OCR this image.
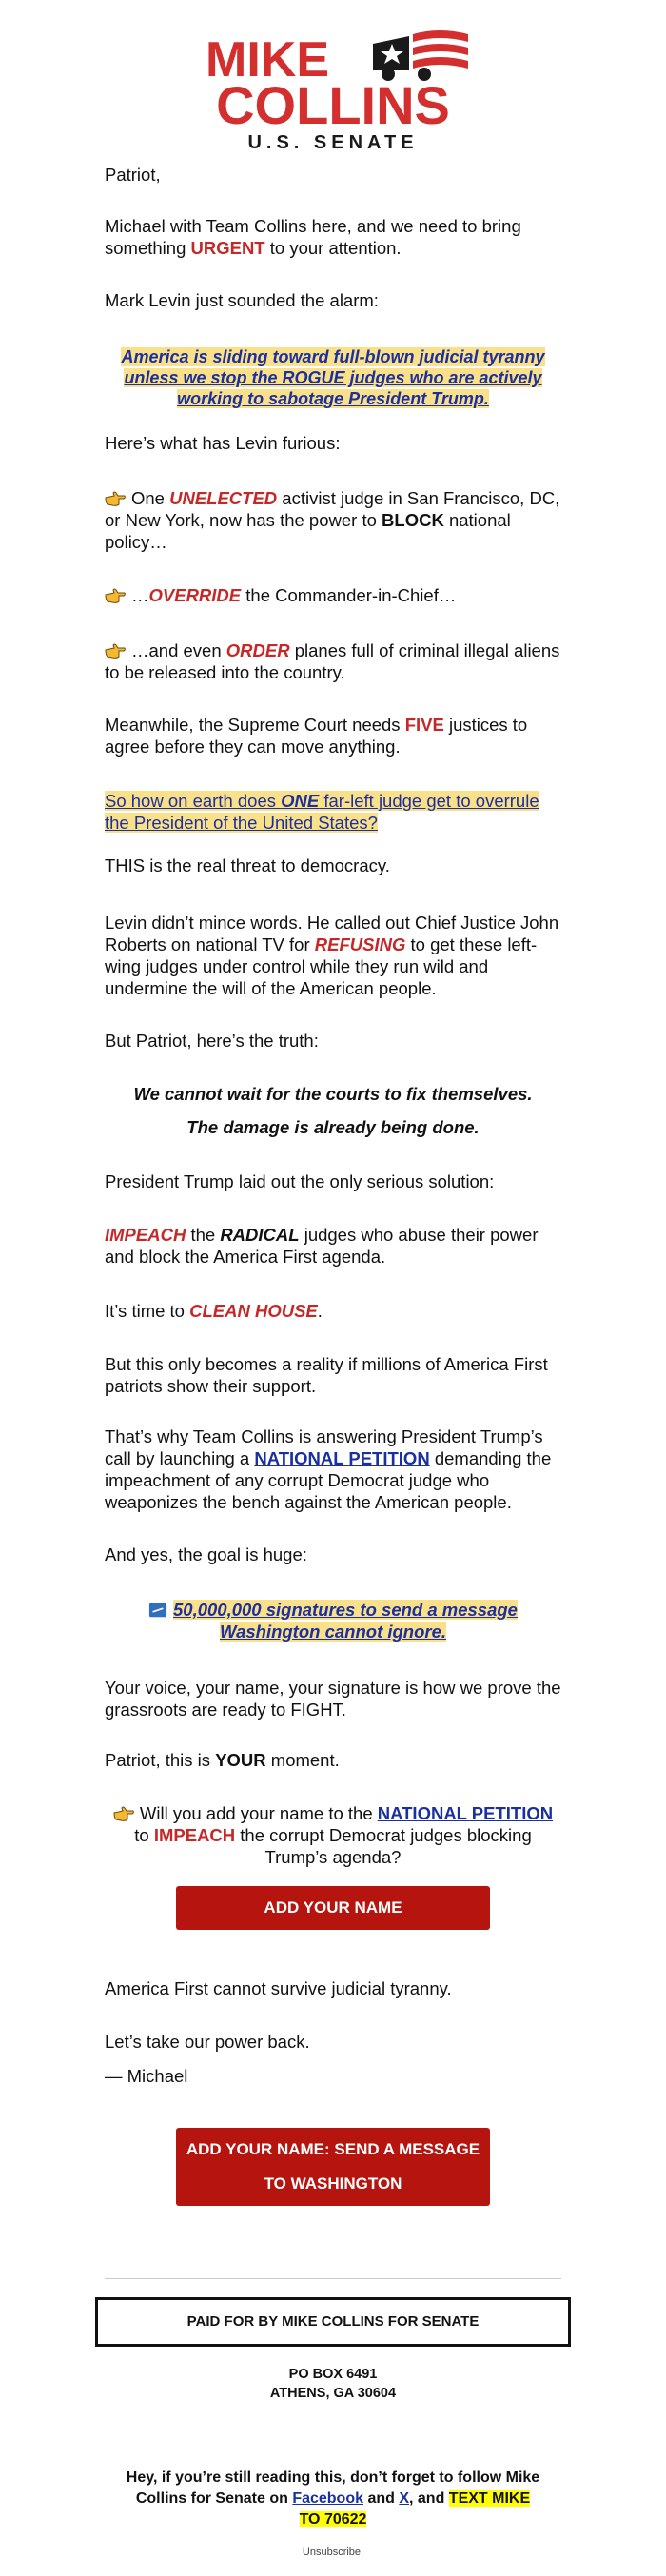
MIKE
COLLINS
U.S. SENATE

Patriot,

Michael with Team Collins here, and we need to bring something URGENT to your attention.

Mark Levin just sounded the alarm:

America is sliding toward full-blown judicial tyranny unless we stop the ROGUE judges who are actively working to sabotage President Trump.

Here’s what has Levin furious:

One UNELECTED activist judge in San Francisco, DC, or New York, now has the power to BLOCK national policy…

…OVERRIDE the Commander-in-Chief…

…and even ORDER planes full of criminal illegal aliens to be released into the country.

Meanwhile, the Supreme Court needs FIVE justices to agree before they can move anything.

So how on earth does ONE far-left judge get to overrule the President of the United States?

THIS is the real threat to democracy.

Levin didn’t mince words. He called out Chief Justice John Roberts on national TV for REFUSING to get these left-wing judges under control while they run wild and undermine the will of the American people.

But Patriot, here’s the truth:

We cannot wait for the courts to fix themselves.

The damage is already being done.

President Trump laid out the only serious solution:

IMPEACH the RADICAL judges who abuse their power and block the America First agenda.

It’s time to CLEAN HOUSE.

But this only becomes a reality if millions of America First patriots show their support.

That’s why Team Collins is answering President Trump’s call by launching a NATIONAL PETITION demanding the impeachment of any corrupt Democrat judge who weaponizes the bench against the American people.

And yes, the goal is huge:

50,000,000 signatures to send a message Washington cannot ignore.

Your voice, your name, your signature is how we prove the grassroots are ready to FIGHT.

Patriot, this is YOUR moment.

Will you add your name to the NATIONAL PETITION to IMPEACH the corrupt Democrat judges blocking Trump’s agenda?

America First cannot survive judicial tyranny.

Let’s take our power back.

— Michael

ADD YOUR NAME
ADD YOUR NAME: SEND A MESSAGE TO WASHINGTON
PAID FOR BY MIKE COLLINS FOR SENATE
PO BOX 6491
ATHENS, GA 30604
Hey, if you’re still reading this, don’t forget to follow Mike Collins for Senate on Facebook and X, and TEXT MIKE TO 70622
Unsubscribe.
